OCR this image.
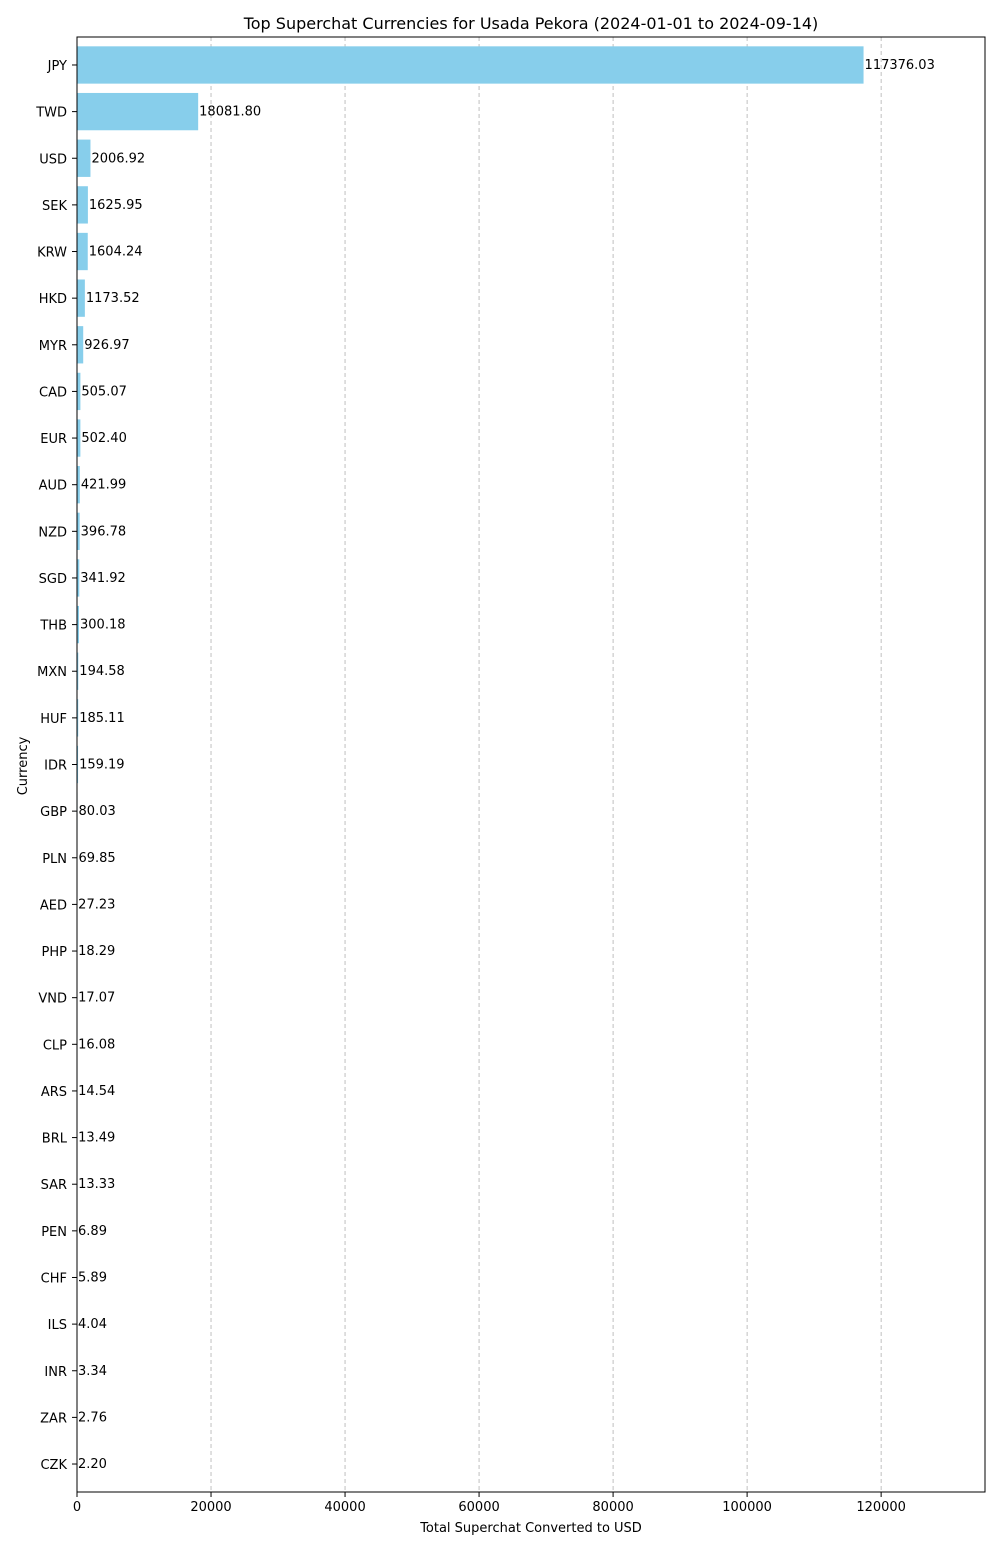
Top Superchat Currencies for Usada Pekora (2024-01-01 to 2024-09-14)
117376.03
18081.80
2006.92
1625.95
1604.24
1173.52
926.97
505.07
502.40
421.99
396.78
341.92
300.18
194.58
185.11
159.19
80.03
69.85
27.23
18.29
17.07
16.08
14.54
13.49
13.33
6.89
5.89
4.04
3.34
2.76
2.20
JPY
TWD
USD
SEK
KRW
HKD
MYR
CAD
EUR
AUD
NZD
SGD
THB
MXN
HUF
IDR
GBP
PLN
AED
PHP
VND
CLP
ARS
BRL
SAR
PEN
CHF
ILS
INR
ZAR
CZK
0	20000	40000	60000	80000	100000	120000
Total Superchat Converted to USD
Currency
